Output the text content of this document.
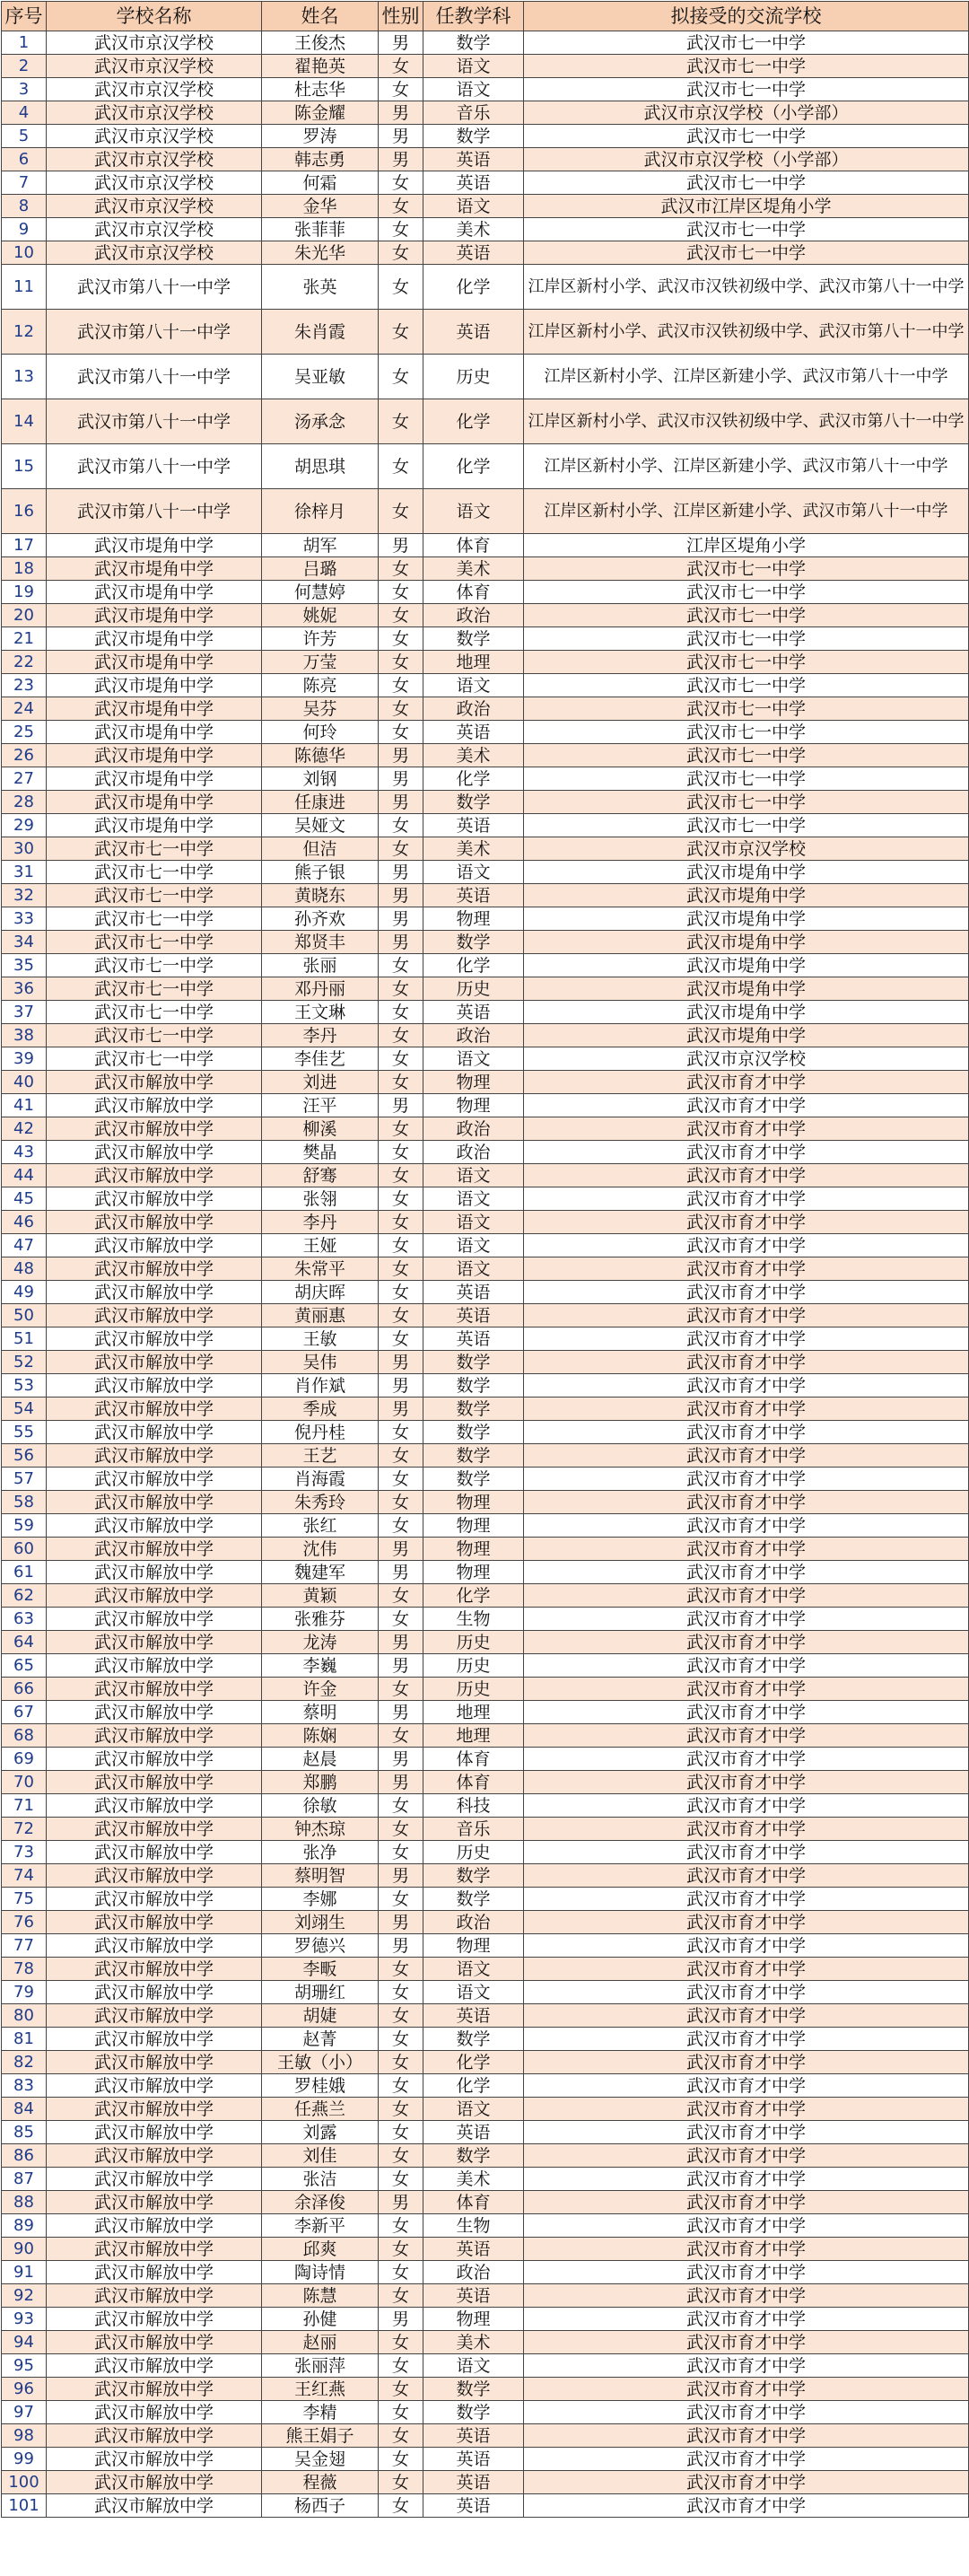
序号	学校名称	姓名	性别	任教学科	拟接受的交流学校
1	武汉市京汉学校	王俊杰	男	数学	武汉市七一中学
2	武汉市京汉学校	翟艳英	女	语文	武汉市七一中学
3	武汉市京汉学校	杜志华	女	语文	武汉市七一中学
4	武汉市京汉学校	陈金耀	男	音乐	武汉市京汉学校（小学部）
5	武汉市京汉学校	罗涛	男	数学	武汉市七一中学
6	武汉市京汉学校	韩志勇	男	英语	武汉市京汉学校（小学部）
7	武汉市京汉学校	何霜	女	英语	武汉市七一中学
8	武汉市京汉学校	金华	女	语文	武汉市江岸区堤角小学
9	武汉市京汉学校	张菲菲	女	美术	武汉市七一中学
10	武汉市京汉学校	朱光华	女	英语	武汉市七一中学
11	武汉市第八十一中学	张英	女	化学	江岸区新村小学、武汉市汉铁初级中学、武汉市第八十一中学
12	武汉市第八十一中学	朱肖霞	女	英语	江岸区新村小学、武汉市汉铁初级中学、武汉市第八十一中学
13	武汉市第八十一中学	吴亚敏	女	历史	江岸区新村小学、江岸区新建小学、武汉市第八十一中学
14	武汉市第八十一中学	汤承念	女	化学	江岸区新村小学、武汉市汉铁初级中学、武汉市第八十一中学
15	武汉市第八十一中学	胡思琪	女	化学	江岸区新村小学、江岸区新建小学、武汉市第八十一中学
16	武汉市第八十一中学	徐梓月	女	语文	江岸区新村小学、江岸区新建小学、武汉市第八十一中学
17	武汉市堤角中学	胡军	男	体育	江岸区堤角小学
18	武汉市堤角中学	吕璐	女	美术	武汉市七一中学
19	武汉市堤角中学	何慧婷	女	体育	武汉市七一中学
20	武汉市堤角中学	姚妮	女	政治	武汉市七一中学
21	武汉市堤角中学	许芳	女	数学	武汉市七一中学
22	武汉市堤角中学	万莹	女	地理	武汉市七一中学
23	武汉市堤角中学	陈亮	女	语文	武汉市七一中学
24	武汉市堤角中学	吴芬	女	政治	武汉市七一中学
25	武汉市堤角中学	何玲	女	英语	武汉市七一中学
26	武汉市堤角中学	陈德华	男	美术	武汉市七一中学
27	武汉市堤角中学	刘钢	男	化学	武汉市七一中学
28	武汉市堤角中学	任康进	男	数学	武汉市七一中学
29	武汉市堤角中学	吴娅文	女	英语	武汉市七一中学
30	武汉市七一中学	但洁	女	美术	武汉市京汉学校
31	武汉市七一中学	熊子银	男	语文	武汉市堤角中学
32	武汉市七一中学	黄晓东	男	英语	武汉市堤角中学
33	武汉市七一中学	孙齐欢	男	物理	武汉市堤角中学
34	武汉市七一中学	郑贤丰	男	数学	武汉市堤角中学
35	武汉市七一中学	张丽	女	化学	武汉市堤角中学
36	武汉市七一中学	邓丹丽	女	历史	武汉市堤角中学
37	武汉市七一中学	王文琳	女	英语	武汉市堤角中学
38	武汉市七一中学	李丹	女	政治	武汉市堤角中学
39	武汉市七一中学	李佳艺	女	语文	武汉市京汉学校
40	武汉市解放中学	刘进	女	物理	武汉市育才中学
41	武汉市解放中学	汪平	男	物理	武汉市育才中学
42	武汉市解放中学	柳溪	女	政治	武汉市育才中学
43	武汉市解放中学	樊晶	女	政治	武汉市育才中学
44	武汉市解放中学	舒骞	女	语文	武汉市育才中学
45	武汉市解放中学	张翎	女	语文	武汉市育才中学
46	武汉市解放中学	李丹	女	语文	武汉市育才中学
47	武汉市解放中学	王娅	女	语文	武汉市育才中学
48	武汉市解放中学	朱常平	女	语文	武汉市育才中学
49	武汉市解放中学	胡庆晖	女	英语	武汉市育才中学
50	武汉市解放中学	黄丽惠	女	英语	武汉市育才中学
51	武汉市解放中学	王敏	女	英语	武汉市育才中学
52	武汉市解放中学	吴伟	男	数学	武汉市育才中学
53	武汉市解放中学	肖作斌	男	数学	武汉市育才中学
54	武汉市解放中学	季成	男	数学	武汉市育才中学
55	武汉市解放中学	倪丹桂	女	数学	武汉市育才中学
56	武汉市解放中学	王艺	女	数学	武汉市育才中学
57	武汉市解放中学	肖海霞	女	数学	武汉市育才中学
58	武汉市解放中学	朱秀玲	女	物理	武汉市育才中学
59	武汉市解放中学	张红	女	物理	武汉市育才中学
60	武汉市解放中学	沈伟	男	物理	武汉市育才中学
61	武汉市解放中学	魏建军	男	物理	武汉市育才中学
62	武汉市解放中学	黄颖	女	化学	武汉市育才中学
63	武汉市解放中学	张雅芬	女	生物	武汉市育才中学
64	武汉市解放中学	龙涛	男	历史	武汉市育才中学
65	武汉市解放中学	李巍	男	历史	武汉市育才中学
66	武汉市解放中学	许金	女	历史	武汉市育才中学
67	武汉市解放中学	蔡明	男	地理	武汉市育才中学
68	武汉市解放中学	陈娴	女	地理	武汉市育才中学
69	武汉市解放中学	赵晨	男	体育	武汉市育才中学
70	武汉市解放中学	郑鹏	男	体育	武汉市育才中学
71	武汉市解放中学	徐敏	女	科技	武汉市育才中学
72	武汉市解放中学	钟杰琼	女	音乐	武汉市育才中学
73	武汉市解放中学	张净	女	历史	武汉市育才中学
74	武汉市解放中学	蔡明智	男	数学	武汉市育才中学
75	武汉市解放中学	李娜	女	数学	武汉市育才中学
76	武汉市解放中学	刘翊生	男	政治	武汉市育才中学
77	武汉市解放中学	罗德兴	男	物理	武汉市育才中学
78	武汉市解放中学	李畈	女	语文	武汉市育才中学
79	武汉市解放中学	胡珊红	女	语文	武汉市育才中学
80	武汉市解放中学	胡婕	女	英语	武汉市育才中学
81	武汉市解放中学	赵菁	女	数学	武汉市育才中学
82	武汉市解放中学	王敏（小）	女	化学	武汉市育才中学
83	武汉市解放中学	罗桂娥	女	化学	武汉市育才中学
84	武汉市解放中学	任燕兰	女	语文	武汉市育才中学
85	武汉市解放中学	刘露	女	英语	武汉市育才中学
86	武汉市解放中学	刘佳	女	数学	武汉市育才中学
87	武汉市解放中学	张洁	女	美术	武汉市育才中学
88	武汉市解放中学	余泽俊	男	体育	武汉市育才中学
89	武汉市解放中学	李新平	女	生物	武汉市育才中学
90	武汉市解放中学	邱爽	女	英语	武汉市育才中学
91	武汉市解放中学	陶诗情	女	政治	武汉市育才中学
92	武汉市解放中学	陈慧	女	英语	武汉市育才中学
93	武汉市解放中学	孙健	男	物理	武汉市育才中学
94	武汉市解放中学	赵丽	女	美术	武汉市育才中学
95	武汉市解放中学	张丽萍	女	语文	武汉市育才中学
96	武汉市解放中学	王红燕	女	数学	武汉市育才中学
97	武汉市解放中学	李精	女	数学	武汉市育才中学
98	武汉市解放中学	熊王娟子	女	英语	武汉市育才中学
99	武汉市解放中学	吴金翅	女	英语	武汉市育才中学
100	武汉市解放中学	程薇	女	英语	武汉市育才中学
101	武汉市解放中学	杨西子	女	英语	武汉市育才中学
